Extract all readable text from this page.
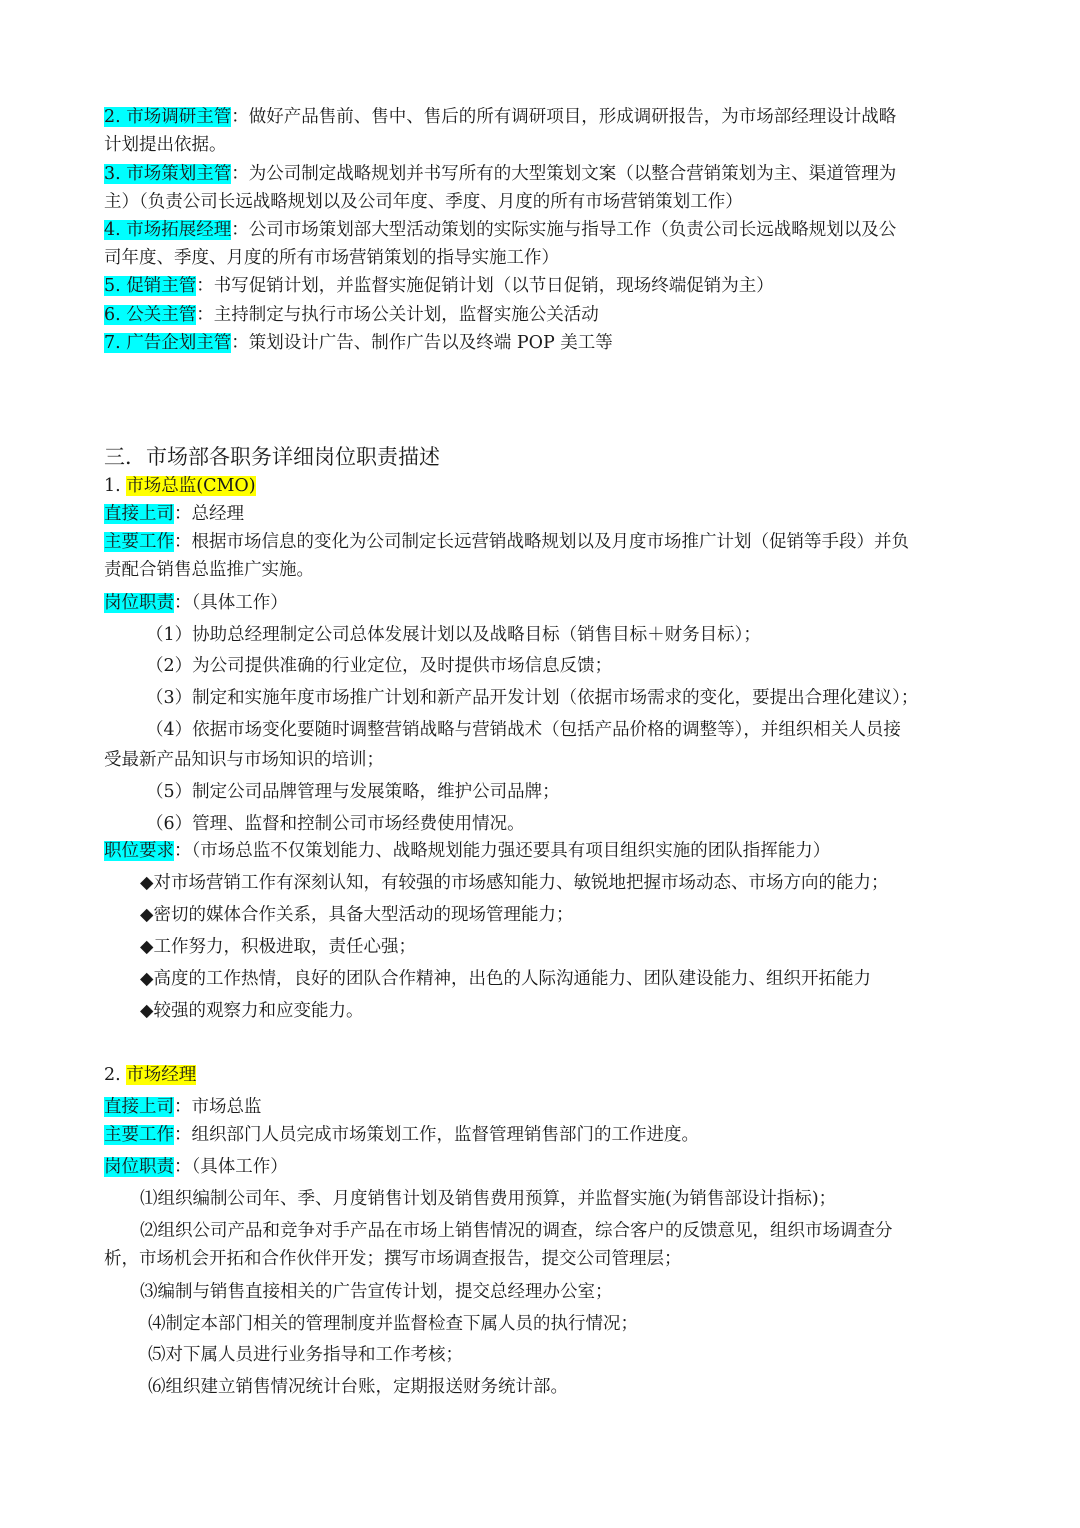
2. 市场调研主管：做好产品售前、售中、售后的所有调研项目，形成调研报告，为市场部经理设计战略
计划提出依据。
3. 市场策划主管：为公司制定战略规划并书写所有的大型策划文案（以整合营销策划为主、渠道管理为
主）（负责公司长远战略规划以及公司年度、季度、月度的所有市场营销策划工作）
4. 市场拓展经理：公司市场策划部大型活动策划的实际实施与指导工作（负责公司长远战略规划以及公
司年度、季度、月度的所有市场营销策划的指导实施工作）
5. 促销主管：书写促销计划，并监督实施促销计划（以节日促销，现场终端促销为主）
6. 公关主管：主持制定与执行市场公关计划，监督实施公关活动
7. 广告企划主管：策划设计广告、制作广告以及终端 POP 美工等
三．市场部各职务详细岗位职责描述
1. 市场总监(CMO)
直接上司：总经理
主要工作：根据市场信息的变化为公司制定长远营销战略规划以及月度市场推广计划（促销等手段）并负
责配合销售总监推广实施。
岗位职责：（具体工作）
（1）协助总经理制定公司总体发展计划以及战略目标（销售目标＋财务目标）；
（2）为公司提供准确的行业定位，及时提供市场信息反馈；
（3）制定和实施年度市场推广计划和新产品开发计划（依据市场需求的变化，要提出合理化建议）；
（4）依据市场变化要随时调整营销战略与营销战术（包括产品价格的调整等），并组织相关人员接
受最新产品知识与市场知识的培训；
（5）制定公司品牌管理与发展策略，维护公司品牌；
（6）管理、监督和控制公司市场经费使用情况。
职位要求：（市场总监不仅策划能力、战略规划能力强还要具有项目组织实施的团队指挥能力）
◆对市场营销工作有深刻认知，有较强的市场感知能力、敏锐地把握市场动态、市场方向的能力；
◆密切的媒体合作关系，具备大型活动的现场管理能力；
◆工作努力，积极进取，责任心强；
◆高度的工作热情，良好的团队合作精神，出色的人际沟通能力、团队建设能力、组织开拓能力
◆较强的观察力和应变能力。
2. 市场经理
直接上司：市场总监
主要工作：组织部门人员完成市场策划工作，监督管理销售部门的工作进度。
岗位职责：（具体工作）
⑴组织编制公司年、季、月度销售计划及销售费用预算，并监督实施(为销售部设计指标)；
⑵组织公司产品和竞争对手产品在市场上销售情况的调查，综合客户的反馈意见，组织市场调查分
析，市场机会开拓和合作伙伴开发；撰写市场调查报告，提交公司管理层；
⑶编制与销售直接相关的广告宣传计划，提交总经理办公室；
⑷制定本部门相关的管理制度并监督检查下属人员的执行情况；
⑸对下属人员进行业务指导和工作考核；
⑹组织建立销售情况统计台账，定期报送财务统计部。
